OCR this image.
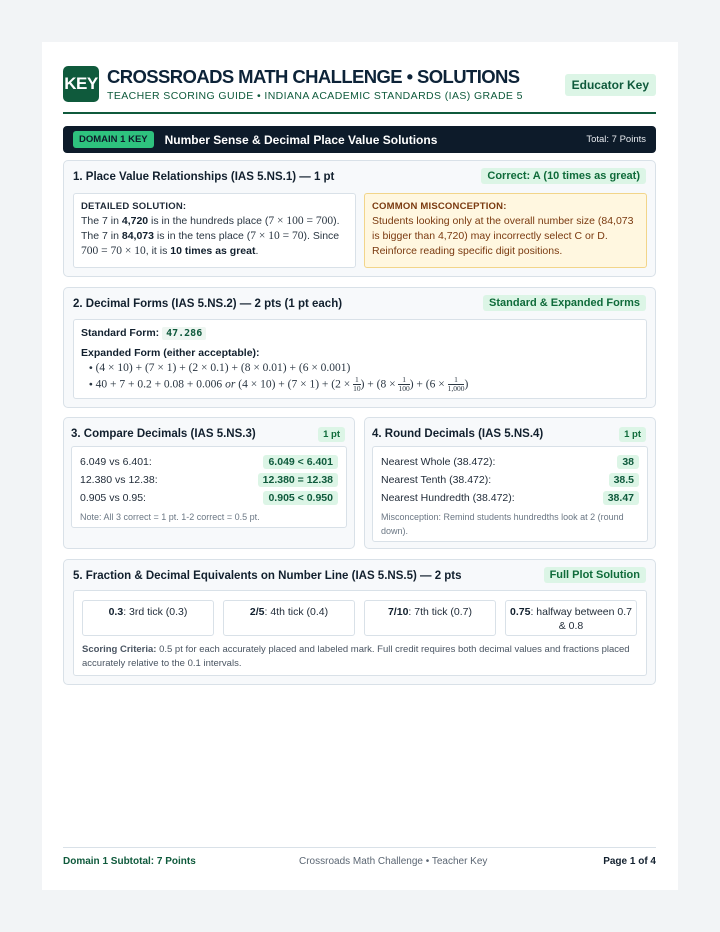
KEY CROSSROADS MATH CHALLENGE • SOLUTIONS
TEACHER SCORING GUIDE • INDIANA ACADEMIC STANDARDS (IAS) GRADE 5
Educator Key
DOMAIN 1 KEY	Number Sense & Decimal Place Value Solutions	Total: 7 Points
1. Place Value Relationships (IAS 5.NS.1) — 1 pt	Correct: A (10 times as great)
DETAILED SOLUTION:
The 7 in 4,720 is in the hundreds place (7 × 100 = 700).
The 7 in 84,073 is in the tens place (7 × 10 = 70). Since
700 = 70 × 10, it is 10 times as great.
COMMON MISCONCEPTION:
Students looking only at the overall number size (84,073 is bigger than 4,720) may incorrectly select C or D. Reinforce reading specific digit positions.
2. Decimal Forms (IAS 5.NS.2) — 2 pts (1 pt each)	Standard & Expanded Forms
Standard Form: 47.286
Expanded Form (either acceptable):
• (4 × 10) + (7 × 1) + (2 × 0.1) + (8 × 0.01) + (6 × 0.001)
• 40 + 7 + 0.2 + 0.08 + 0.006 or $(4 \times 10) + (7 \times 1) + (2 \times \frac{1}{10}$ ) + ($8 \times \frac{1}{100}$ ) + ($6 \times \frac{1}{1,000}$ )
3. Compare Decimals (IAS 5.NS.3)	1 pt
6.049 vs 6.401:	6.049 < 6.401
12.380 vs 12.38:	12.380 = 12.38
0.905 vs 0.95:	0.905 < 0.950
Note: All 3 correct = 1 pt. 1-2 correct = 0.5 pt.
4. Round Decimals (IAS 5.NS.4)	1 pt
Nearest Whole (38.472):	38
Nearest Tenth (38.472):	38.5
Nearest Hundredth (38.472):	38.47
Misconception: Remind students hundredths look at 2 (round down).
5. Fraction & Decimal Equivalents on Number Line (IAS 5.NS.5) — 2 pts	Full Plot Solution
0.3: 3rd tick (0.3)	2/5: 4th tick (0.4)	7/10: 7th tick (0.7)	0.75: halfway between 0.7 & 0.8
Scoring Criteria: 0.5 pt for each accurately placed and labeled mark. Full credit requires both decimal values and fractions placed accurately relative to the 0.1 intervals.
Domain 1 Subtotal: 7 Points	Crossroads Math Challenge • Teacher Key	Page 1 of 4
